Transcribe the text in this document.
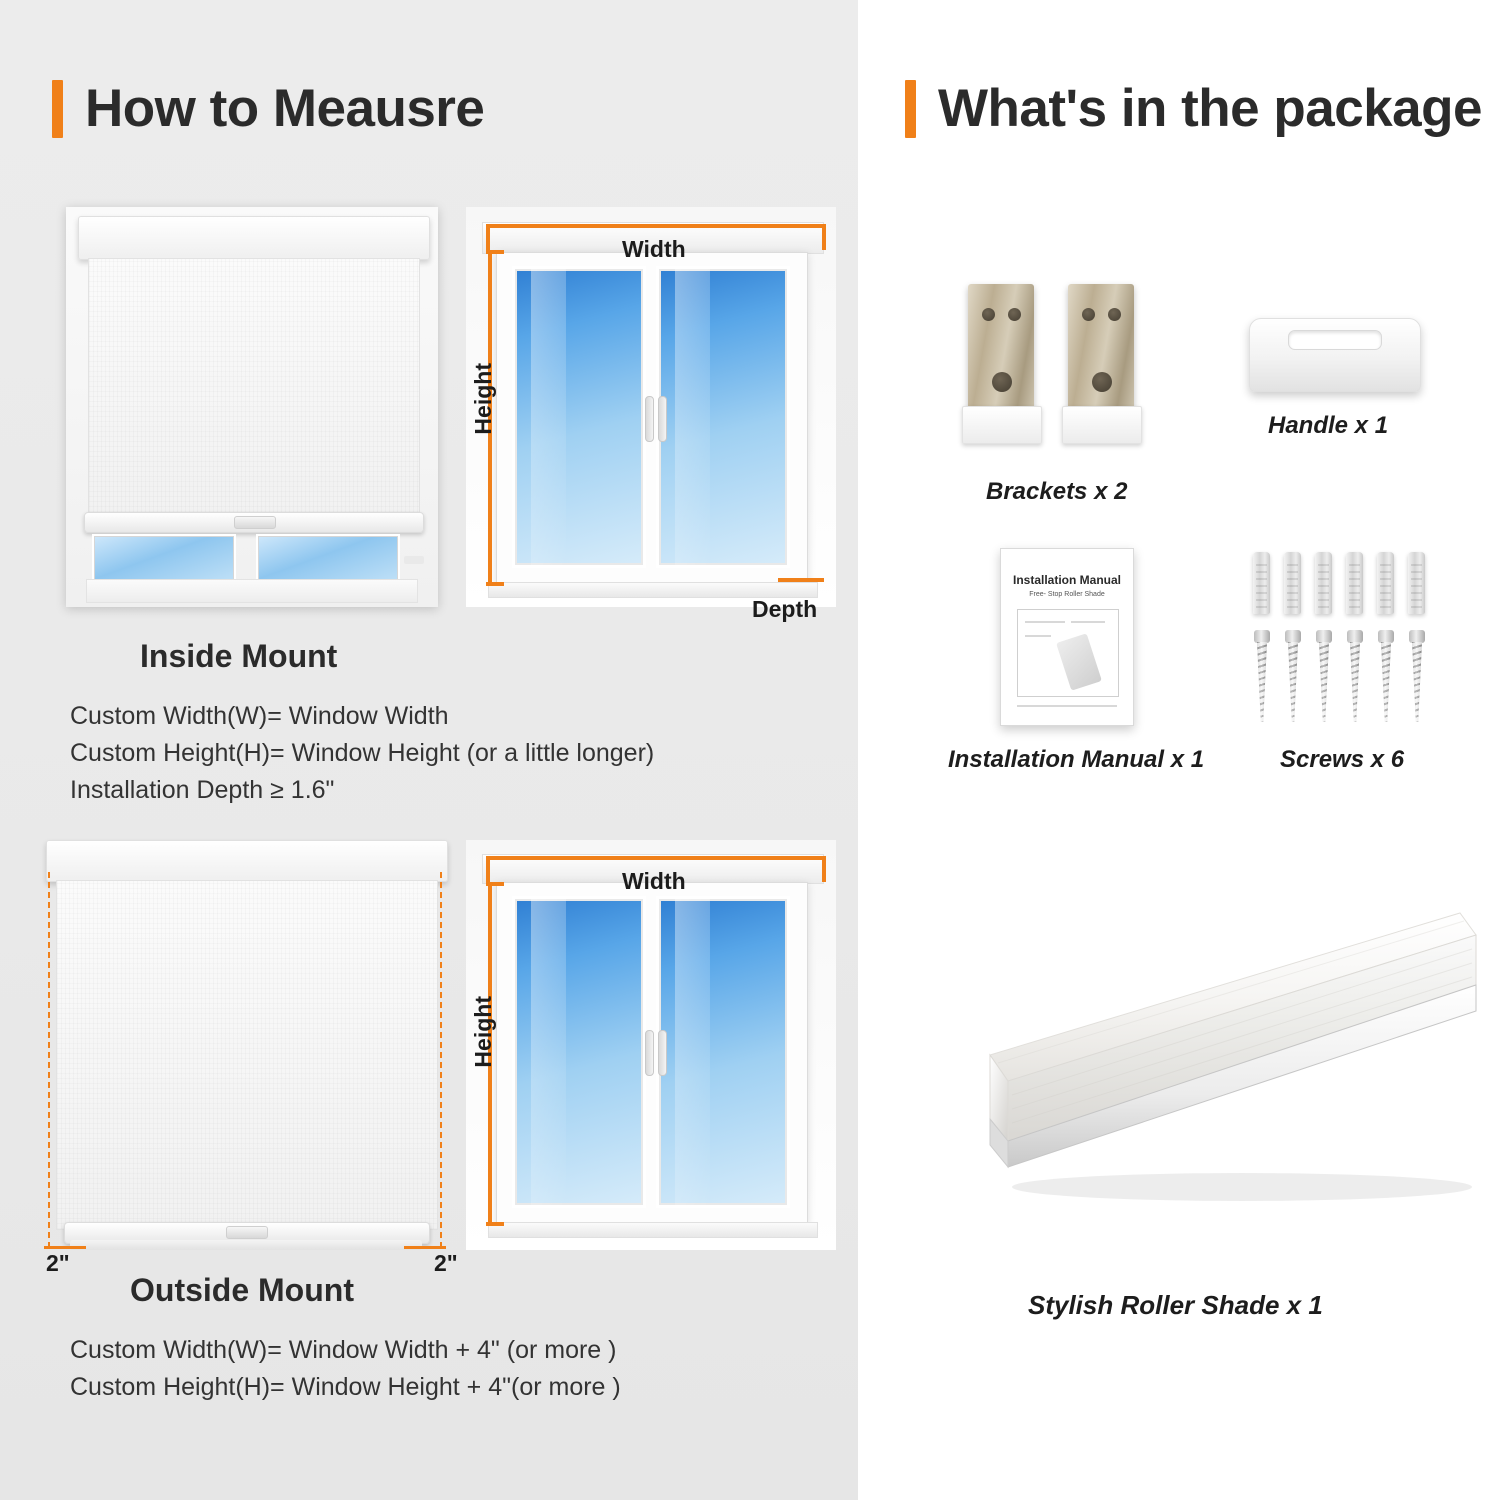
How to Meausre	What's in the package
Width
Height
Depth
Inside Mount
Custom Width(W)= Window Width
Custom Height(H)= Window Height (or a little longer)
Installation Depth ≥ 1.6"
2"	2"
Width
Height
Outside Mount
Custom Width(W)= Window Width + 4" (or more )
Custom Height(H)= Window Height + 4"(or more )
Brackets x 2
Handle x 1
Installation Manual
Free- Stop Roller Shade
Installation Manual x 1	Screws x 6
Stylish Roller Shade x 1
